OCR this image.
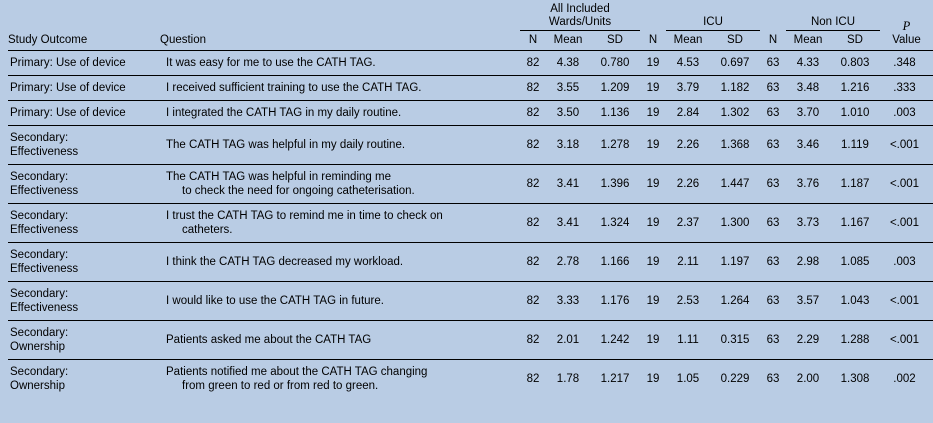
		All Included
Wards/Units				ICU			Non ICU		P
Value
Study Outcome	Question	N	Mean	SD	N	Mean	SD	N	Mean	SD	

Primary: Use of device	It was easy for me to use the CATH TAG.	82	4.38	0.780	19	4.53	0.697	63	4.33	0.803	.348

Primary: Use of device	I received sufficient training to use the CATH TAG.	82	3.55	1.209	19	3.79	1.182	63	3.48	1.216	.333

Primary: Use of device	I integrated the CATH TAG in my daily routine.	82	3.50	1.136	19	2.84	1.302	63	3.70	1.010	.003

Secondary:
Effectiveness	The CATH TAG was helpful in my daily routine.	82	3.18	1.278	19	2.26	1.368	63	3.46	1.119	<.001

Secondary:
Effectiveness	The CATH TAG was helpful in reminding me
to check the need for ongoing catheterisation.	82	3.41	1.396	19	2.26	1.447	63	3.76	1.187	<.001

Secondary:
Effectiveness	I trust the CATH TAG to remind me in time to check on
catheters.	82	3.41	1.324	19	2.37	1.300	63	3.73	1.167	<.001

Secondary:
Effectiveness	I think the CATH TAG decreased my workload.	82	2.78	1.166	19	2.11	1.197	63	2.98	1.085	.003

Secondary:
Effectiveness	I would like to use the CATH TAG in future.	82	3.33	1.176	19	2.53	1.264	63	3.57	1.043	<.001

Secondary:
Ownership	Patients asked me about the CATH TAG	82	2.01	1.242	19	1.11	0.315	63	2.29	1.288	<.001

Secondary:
Ownership	Patients notified me about the CATH TAG changing
from green to red or from red to green.	82	1.78	1.217	19	1.05	0.229	63	2.00	1.308	.002
